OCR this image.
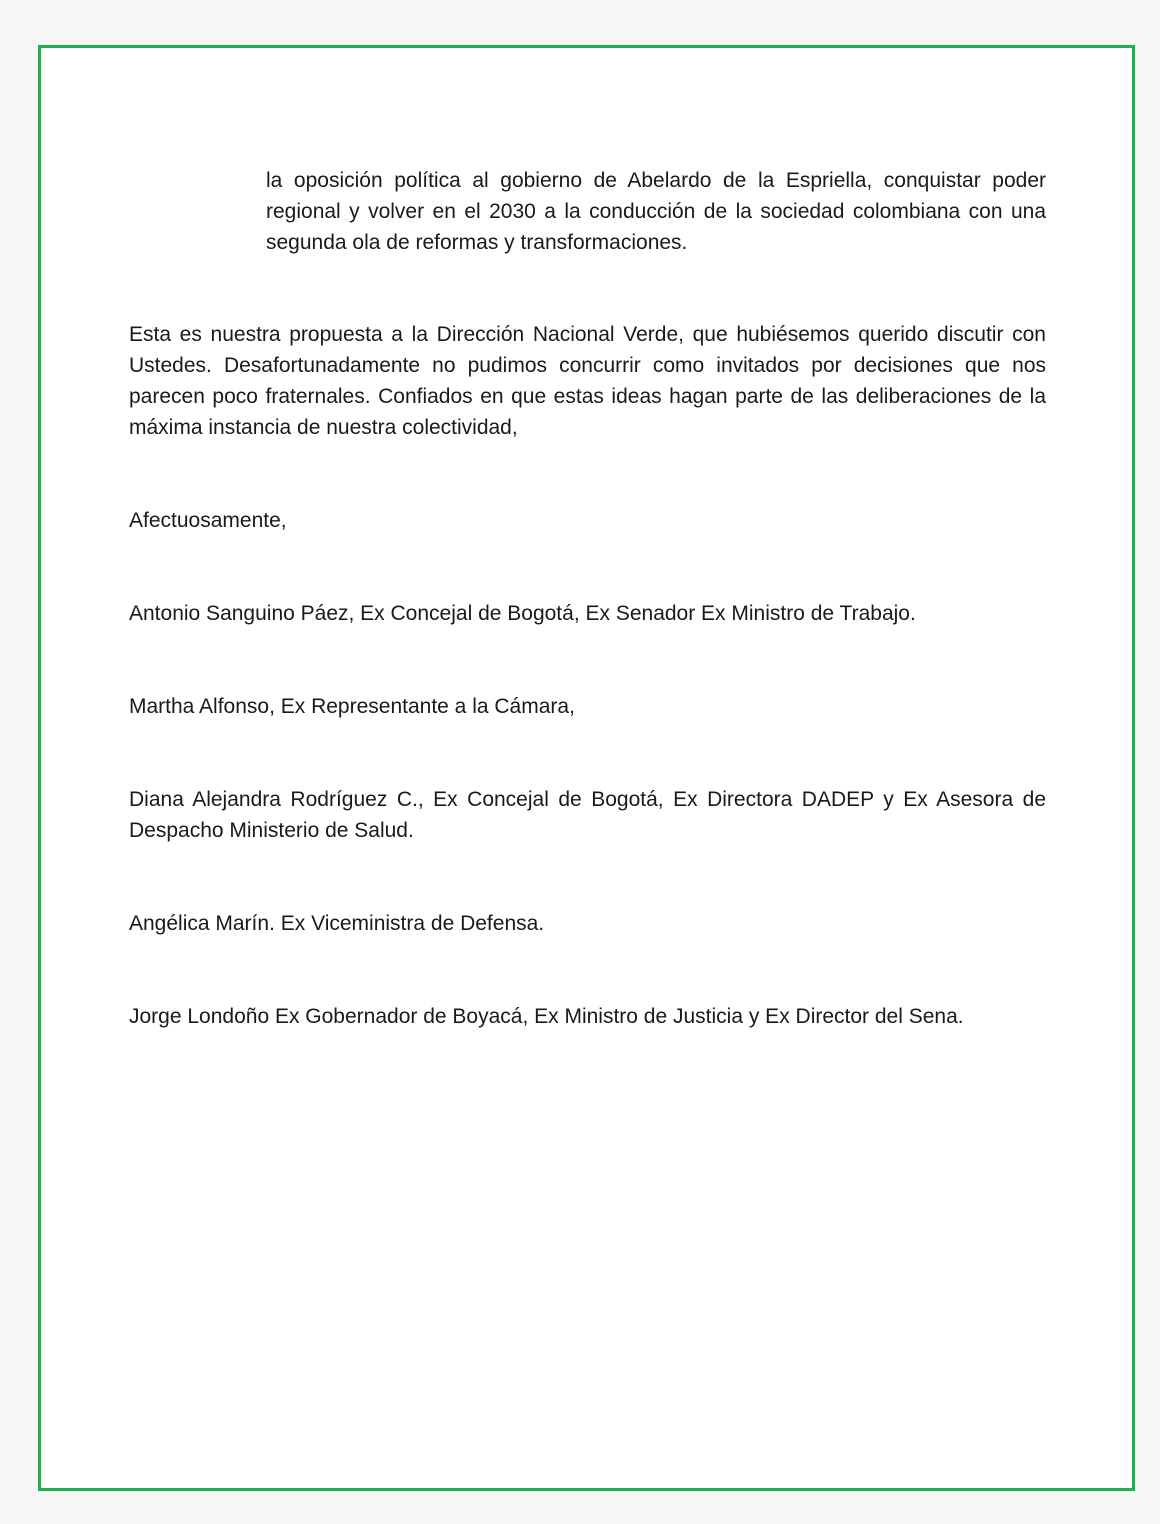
la oposición política al gobierno de Abelardo de la Espriella, conquistar poder regional y volver en el 2030 a la conducción de la sociedad colombiana con una segunda ola de reformas y transformaciones.

Esta es nuestra propuesta a la Dirección Nacional Verde, que hubiésemos querido discutir con Ustedes. Desafortunadamente no pudimos concurrir como invitados por decisiones que nos parecen poco fraternales. Confiados en que estas ideas hagan parte de las deliberaciones de la máxima instancia de nuestra colectividad,

Afectuosamente,

Antonio Sanguino Páez, Ex Concejal de Bogotá, Ex Senador Ex Ministro de Trabajo.
Martha Alfonso, Ex Representante a la Cámara,
Diana Alejandra Rodríguez C., Ex Concejal de Bogotá, Ex Directora DADEP y Ex Asesora de Despacho Ministerio de Salud.
Angélica Marín. Ex Viceministra de Defensa.
Jorge Londoño Ex Gobernador de Boyacá, Ex Ministro de Justicia y Ex Director del Sena.
